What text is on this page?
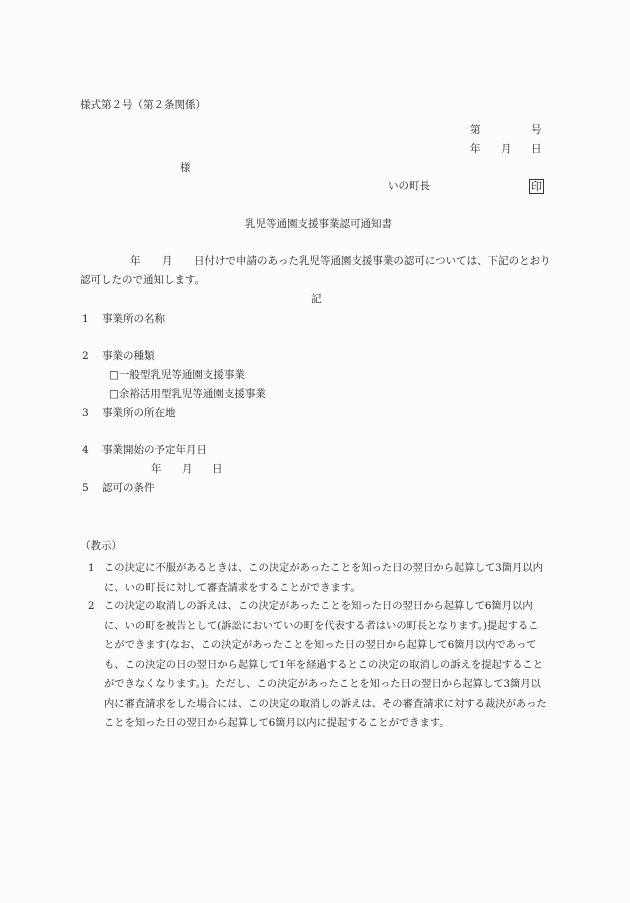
様式第２号（第２条関係）
第	号
年 月 日
様
いの町長	印
乳児等通園支援事業認可通知書
年 月	日付けで申請のあった乳児等通園支援事業の認可については、下記のとおり認可したので通知します。
記
1 事業所の名称
2 事業の種類
□一般型乳児等通園支援事業
□余裕活用型乳児等通園支援事業
3 事業所の所在地
4 事業開始の予定年月日
年 月 日
5 認可の条件
（教示）
1 この決定に不服があるときは、この決定があったことを知った日の翌日から起算して3箇月以内に、いの町長に対して審査請求をすることができます。
2 この決定の取消しの訴えは、この決定があったことを知った日の翌日から起算して6箇月以内に、いの町を被告として(訴訟においていの町を代表する者はいの町長となります。)提起することができます(なお、この決定があったことを知った日の翌日から起算して6箇月以内であっても、この決定の日の翌日から起算して1年を経過するとこの決定の取消しの訴えを提起することができなくなります。)。ただし、この決定があったことを知った日の翌日から起算して3箇月以内に審査請求をした場合には、この決定の取消しの訴えは、その審査請求に対する裁決があったことを知った日の翌日から起算して6箇月以内に提起することができます。
